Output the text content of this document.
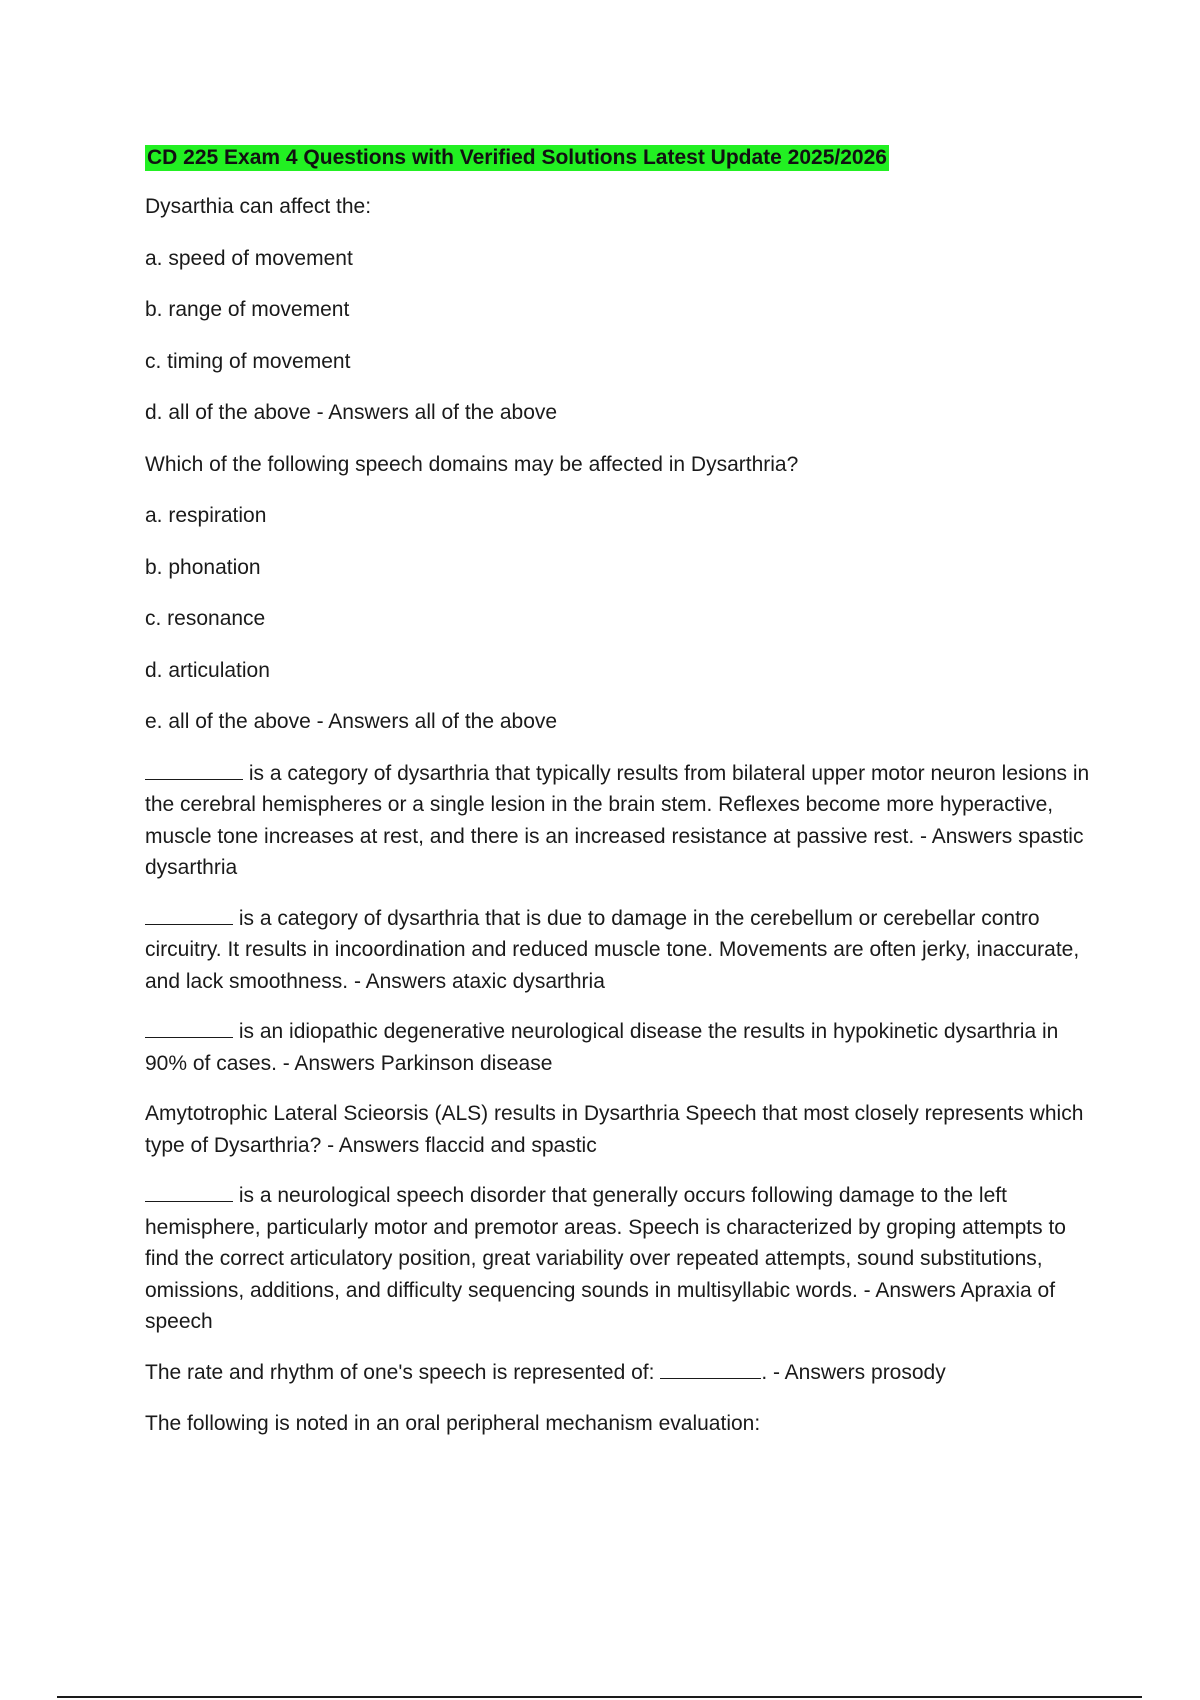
CD 225 Exam 4 Questions with Verified Solutions Latest Update 2025/2026

Dysarthia can affect the:

a. speed of movement

b. range of movement

c. timing of movement

d. all of the above - Answers all of the above

Which of the following speech domains may be affected in Dysarthria?

a. respiration

b. phonation

c. resonance

d. articulation

e. all of the above - Answers all of the above

is a category of dysarthria that typically results from bilateral upper motor neuron lesions in the cerebral hemispheres or a single lesion in the brain stem. Reflexes become more hyperactive, muscle tone increases at rest, and there is an increased resistance at passive rest. - Answers spastic dysarthria

is a category of dysarthria that is due to damage in the cerebellum or cerebellar contro circuitry. It results in incoordination and reduced muscle tone. Movements are often jerky, inaccurate, and lack smoothness. - Answers ataxic dysarthria

is an idiopathic degenerative neurological disease the results in hypokinetic dysarthria in 90% of cases. - Answers Parkinson disease

Amytotrophic Lateral Scieorsis (ALS) results in Dysarthria Speech that most closely represents which type of Dysarthria? - Answers flaccid and spastic

is a neurological speech disorder that generally occurs following damage to the left hemisphere, particularly motor and premotor areas. Speech is characterized by groping attempts to find the correct articulatory position, great variability over repeated attempts, sound substitutions, omissions, additions, and difficulty sequencing sounds in multisyllabic words. - Answers Apraxia of speech

The rate and rhythm of one's speech is represented of:	. - Answers prosody

The following is noted in an oral peripheral mechanism evaluation:
